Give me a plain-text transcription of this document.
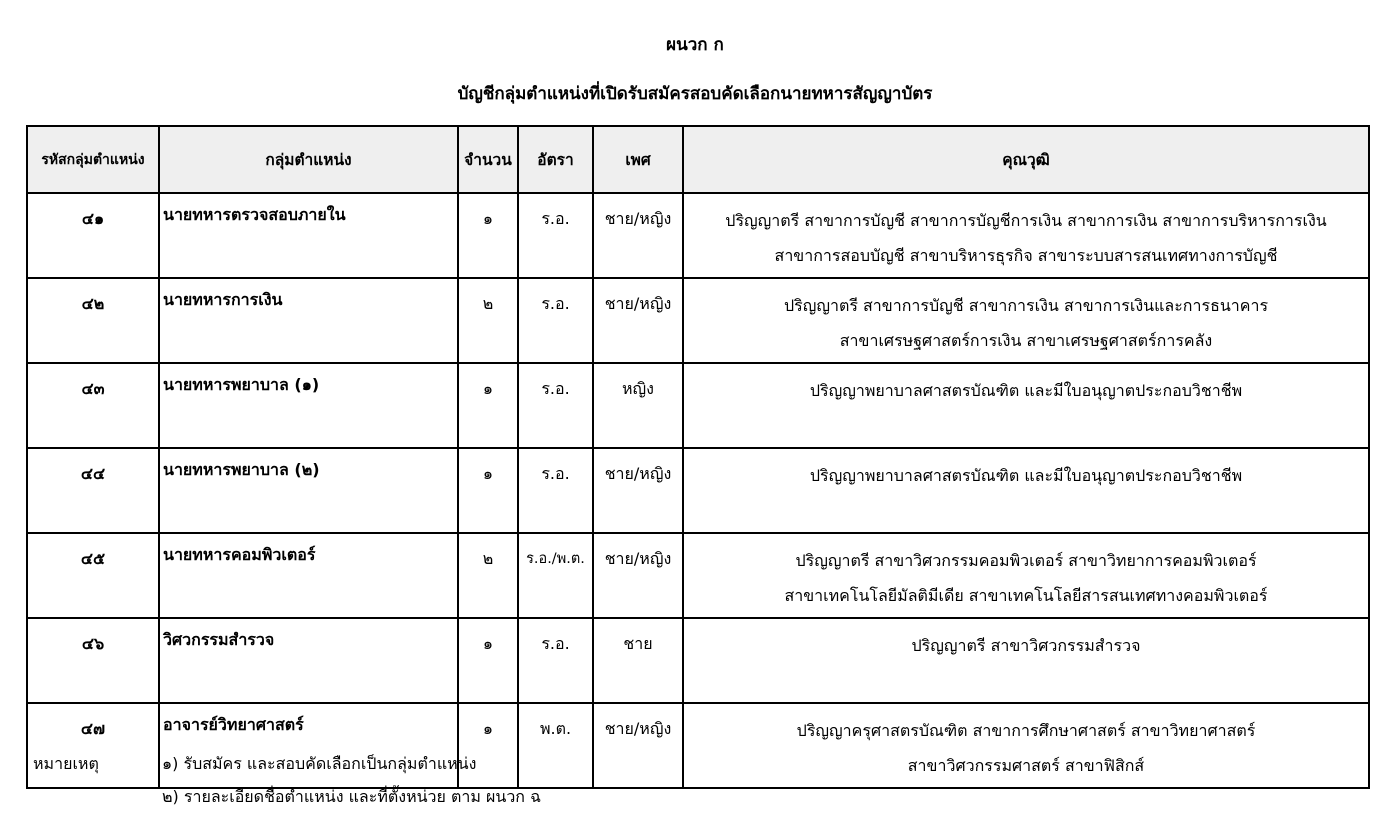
ผนวก ก
บัญชีกลุ่มตำแหน่งที่เปิดรับสมัครสอบคัดเลือกนายทหารสัญญาบัตร
รหัสกลุ่มตำแหน่ง	กลุ่มตำแหน่ง	จำนวน	อัตรา	เพศ	คุณวุฒิ
๔๑	นายทหารตรวจสอบภายใน	๑	ร.อ.	ชาย/หญิง	ปริญญาตรี สาขาการบัญชี สาขาการบัญชีการเงิน สาขาการเงิน สาขาการบริหารการเงิน
สาขาการสอบบัญชี สาขาบริหารธุรกิจ สาขาระบบสารสนเทศทางการบัญชี

๔๒	นายทหารการเงิน	๒	ร.อ.	ชาย/หญิง	ปริญญาตรี สาขาการบัญชี สาขาการเงิน สาขาการเงินและการธนาคาร
สาขาเศรษฐศาสตร์การเงิน สาขาเศรษฐศาสตร์การคลัง

๔๓	นายทหารพยาบาล (๑)	๑	ร.อ.	หญิง	ปริญญาพยาบาลศาสตรบัณฑิต และมีใบอนุญาตประกอบวิชาชีพ

๔๔	นายทหารพยาบาล (๒)	๑	ร.อ.	ชาย/หญิง	ปริญญาพยาบาลศาสตรบัณฑิต และมีใบอนุญาตประกอบวิชาชีพ

๔๕	นายทหารคอมพิวเตอร์	๒	ร.อ./พ.ต.	ชาย/หญิง	ปริญญาตรี สาขาวิศวกรรมคอมพิวเตอร์ สาขาวิทยาการคอมพิวเตอร์
สาขาเทคโนโลยีมัลติมีเดีย สาขาเทคโนโลยีสารสนเทศทางคอมพิวเตอร์

๔๖	วิศวกรรมสำรวจ	๑	ร.อ.	ชาย	ปริญญาตรี สาขาวิศวกรรมสำรวจ

๔๗	อาจารย์วิทยาศาสตร์	๑	พ.ต.	ชาย/หญิง	ปริญญาครุศาสตรบัณฑิต สาขาการศึกษาศาสตร์ สาขาวิทยาศาสตร์
สาขาวิศวกรรมศาสตร์ สาขาฟิสิกส์
หมายเหตุ	๑) รับสมัคร และสอบคัดเลือกเป็นกลุ่มตำแหน่ง
๒) รายละเอียดชื่อตำแหน่ง และที่ตั้งหน่วย ตาม ผนวก ฉ
